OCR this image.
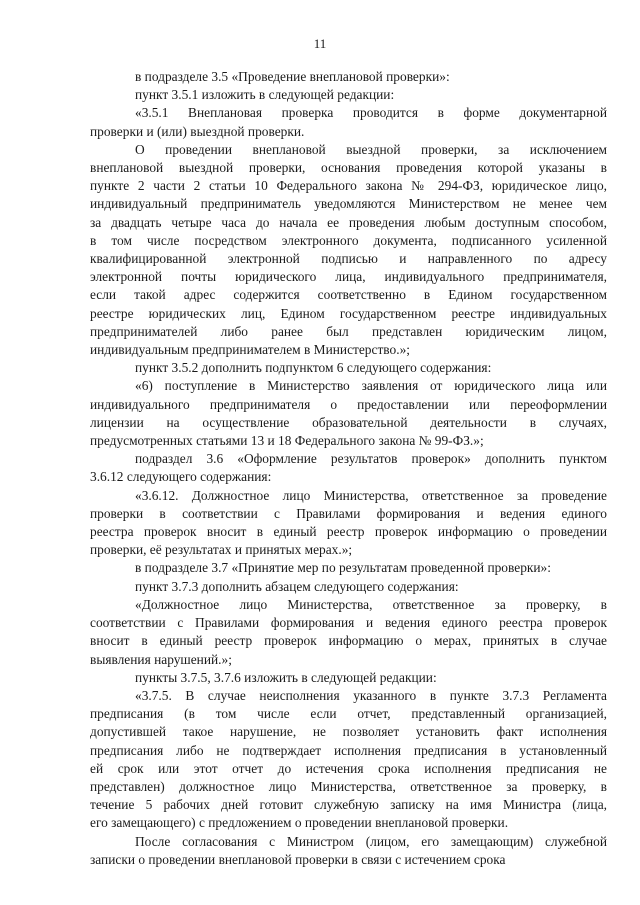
11

в подразделе 3.5 «Проведение внеплановой проверки»:

пункт 3.5.1 изложить в следующей редакции:

«3.5.1 Внеплановая проверка проводится в форме документарной
проверки и (или) выездной проверки.

О проведении внеплановой выездной проверки, за исключением
внеплановой выездной проверки, основания проведения которой указаны в
пункте 2 части 2 статьи 10 Федерального закона № 294-ФЗ, юридическое лицо,
индивидуальный предприниматель уведомляются Министерством не менее чем
за двадцать четыре часа до начала ее проведения любым доступным способом,
в том числе посредством электронного документа, подписанного усиленной
квалифицированной электронной подписью и направленного по адресу
электронной почты юридического лица, индивидуального предпринимателя,
если такой адрес содержится соответственно в Едином государственном
реестре юридических лиц, Едином государственном реестре индивидуальных
предпринимателей либо ранее был представлен юридическим лицом,
индивидуальным предпринимателем в Министерство.»;

пункт 3.5.2 дополнить подпунктом 6 следующего содержания:

«6) поступление в Министерство заявления от юридического лица или
индивидуального предпринимателя о предоставлении или переоформлении
лицензии на осуществление образовательной деятельности в случаях,
предусмотренных статьями 13 и 18 Федерального закона № 99-ФЗ.»;

подраздел 3.6 «Оформление результатов проверок» дополнить пунктом
3.6.12 следующего содержания:

«3.6.12. Должностное лицо Министерства, ответственное за проведение
проверки в соответствии с Правилами формирования и ведения единого
реестра проверок вносит в единый реестр проверок информацию о проведении
проверки, её результатах и принятых мерах.»;

в подразделе 3.7 «Принятие мер по результатам проведенной проверки»:

пункт 3.7.3 дополнить абзацем следующего содержания:

«Должностное лицо Министерства, ответственное за проверку, в
соответствии с Правилами формирования и ведения единого реестра проверок
вносит в единый реестр проверок информацию о мерах, принятых в случае
выявления нарушений.»;

пункты 3.7.5, 3.7.6 изложить в следующей редакции:

«3.7.5. В случае неисполнения указанного в пункте 3.7.3 Регламента
предписания (в том числе если отчет, представленный организацией,
допустившей такое нарушение, не позволяет установить факт исполнения
предписания либо не подтверждает исполнения предписания в установленный
ей срок или этот отчет до истечения срока исполнения предписания не
представлен) должностное лицо Министерства, ответственное за проверку, в
течение 5 рабочих дней готовит служебную записку на имя Министра (лица,
его замещающего) с предложением о проведении внеплановой проверки.

После согласования с Министром (лицом, его замещающим) служебной
записки о проведении внеплановой проверки в связи с истечением срока
